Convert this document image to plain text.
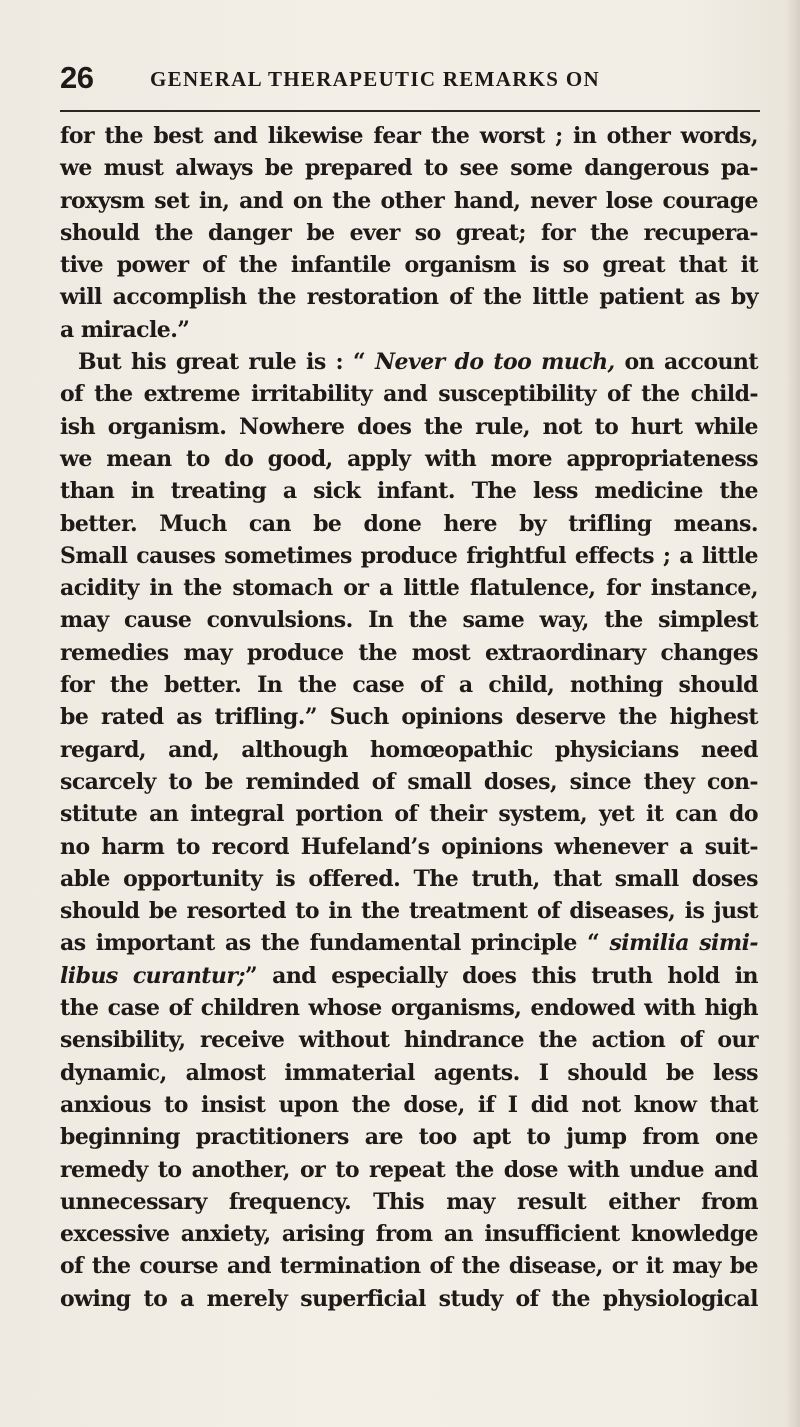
26	GENERAL THERAPEUTIC REMARKS ON
for the best and likewise fear the worst ; in other words,
we must always be prepared to see some dangerous pa-
roxysm set in, and on the other hand, never lose courage
should the danger be ever so great; for the recupera-
tive power of the infantile organism is so great that it
will accomplish the restoration of the little patient as by
a miracle.”
But his great rule is : “ Never do too much, on account
of the extreme irritability and susceptibility of the child-
ish organism. Nowhere does the rule, not to hurt while
we mean to do good, apply with more appropriateness
than in treating a sick infant. The less medicine the
better. Much can be done here by trifling means.
Small causes sometimes produce frightful effects ; a little
acidity in the stomach or a little flatulence, for instance,
may cause convulsions. In the same way, the simplest
remedies may produce the most extraordinary changes
for the better. In the case of a child, nothing should
be rated as trifling.” Such opinions deserve the highest
regard, and, although homœopathic physicians need
scarcely to be reminded of small doses, since they con-
stitute an integral portion of their system, yet it can do
no harm to record Hufeland’s opinions whenever a suit-
able opportunity is offered. The truth, that small doses
should be resorted to in the treatment of diseases, is just
as important as the fundamental principle “ similia simi-
libus curantur;” and especially does this truth hold in
the case of children whose organisms, endowed with high
sensibility, receive without hindrance the action of our
dynamic, almost immaterial agents. I should be less
anxious to insist upon the dose, if I did not know that
beginning practitioners are too apt to jump from one
remedy to another, or to repeat the dose with undue and
unnecessary frequency. This may result either from
excessive anxiety, arising from an insufficient knowledge
of the course and termination of the disease, or it may be
owing to a merely superficial study of the physiological
